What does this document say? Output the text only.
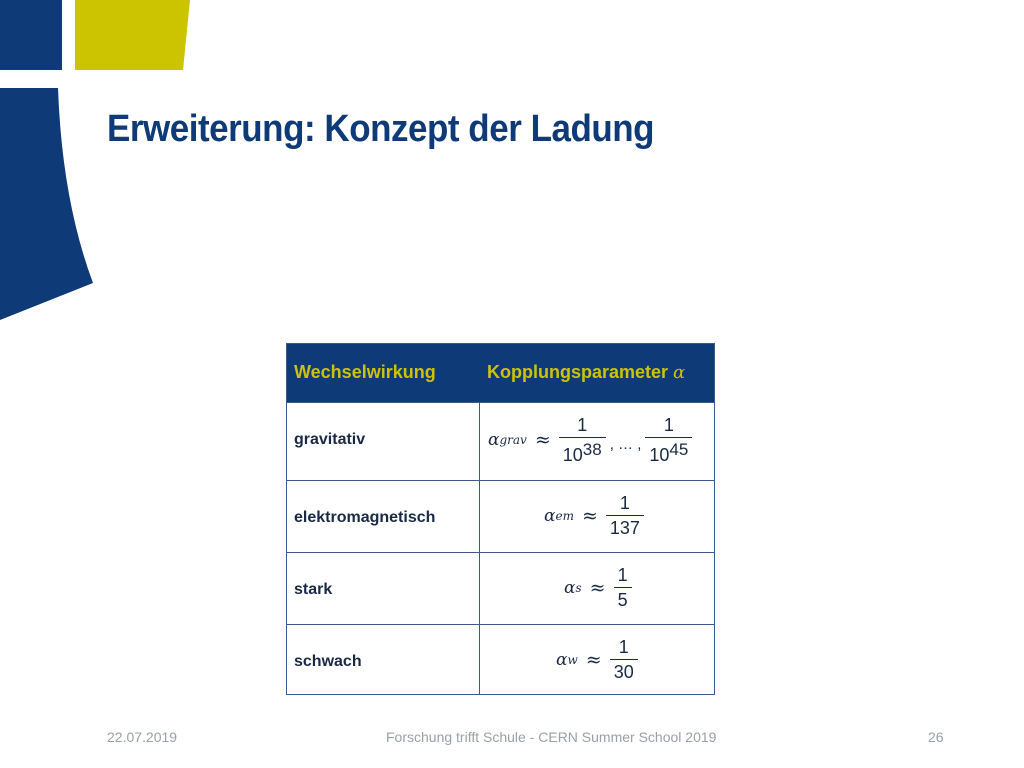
Erweiterung: Konzept der Ladung
Wechselwirkung	Kopplungsparameter α
gravitativ	α grav ≈ $\frac{1}{10^{38}}$ , … , $\frac{1}{10^{45}}$
elektromagnetisch	α em ≈ $\frac{1}{137}$
stark	α $s \approx \frac{1}{5}$
schwach	α $w \approx \frac{1}{30}$
22.07.2019	Forschung trifft Schule - CERN Summer School 2019	26
